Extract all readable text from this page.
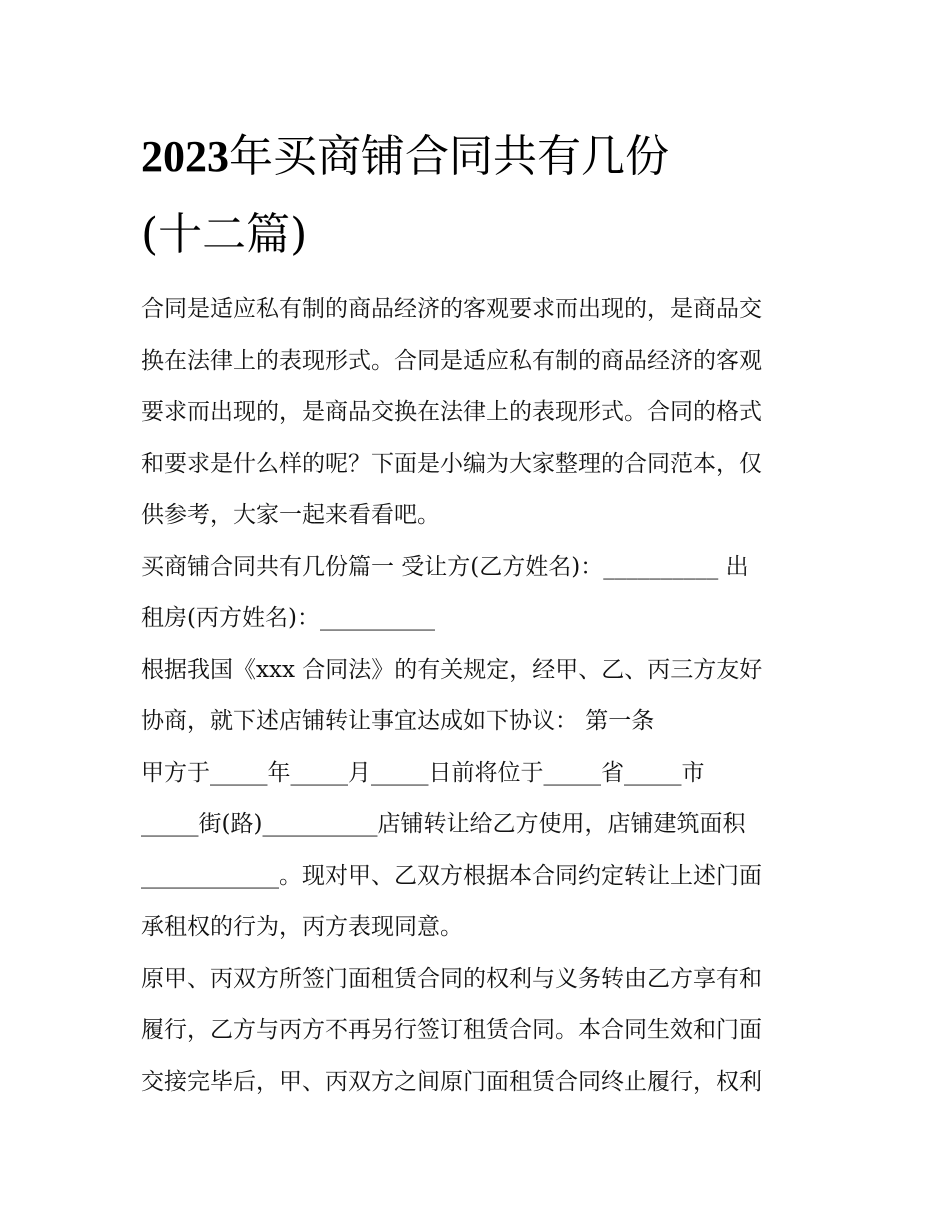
2023年买商铺合同共有几份
(十二篇)

合同是适应私有制的商品经济的客观要求而出现的，是商品交
换在法律上的表现形式。合同是适应私有制的商品经济的客观
要求而出现的，是商品交换在法律上的表现形式。合同的格式
和要求是什么样的呢？下面是小编为大家整理的合同范本，仅
供参考，大家一起来看看吧。

买商铺合同共有几份篇一 受让方(乙方姓名)：__________ 出
租房(丙方姓名)：__________

根据我国《xxx 合同法》的有关规定，经甲、乙、丙三方友好
协商，就下述店铺转让事宜达成如下协议： 第一条
甲方于_____年_____月_____日前将位于_____省_____市
_____街(路)__________店铺转让给乙方使用，店铺建筑面积
____________。现对甲、乙双方根据本合同约定转让上述门面
承租权的行为，丙方表现同意。

原甲、丙双方所签门面租赁合同的权利与义务转由乙方享有和
履行，乙方与丙方不再另行签订租赁合同。本合同生效和门面
交接完毕后，甲、丙双方之间原门面租赁合同终止履行，权利
